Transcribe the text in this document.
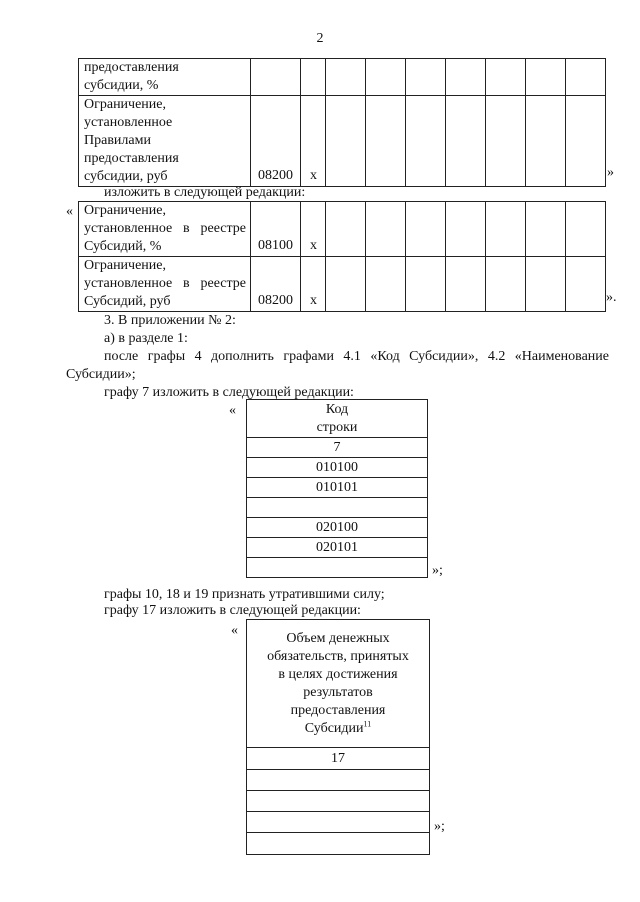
2
предоставления
субсидии, %									

Ограничение,
установленное
Правилами
предоставления
субсидии, руб	08200	x								»
изложить в следующей редакции:
« Ограничение,
установленное в реестре
Субсидий, %	08100	x							

Ограничение,
установленное в реестре
Субсидий, руб	08200	x								».
3. В приложении № 2:
а) в разделе 1:
после графы 4 дополнить графами 4.1 «Код Субсидии», 4.2 «Наименование
Субсидии»;
графу 7 изложить в следующей редакции:
«	Код
строки

7
010100
010101

020100
020101

»;
графы 10, 18 и 19 признать утратившими силу;
графу 17 изложить в следующей редакции:
«	Объем денежных
обязательств, принятых
в целях достижения
результатов
предоставления
Субсидии$^{11}$

17

»;
